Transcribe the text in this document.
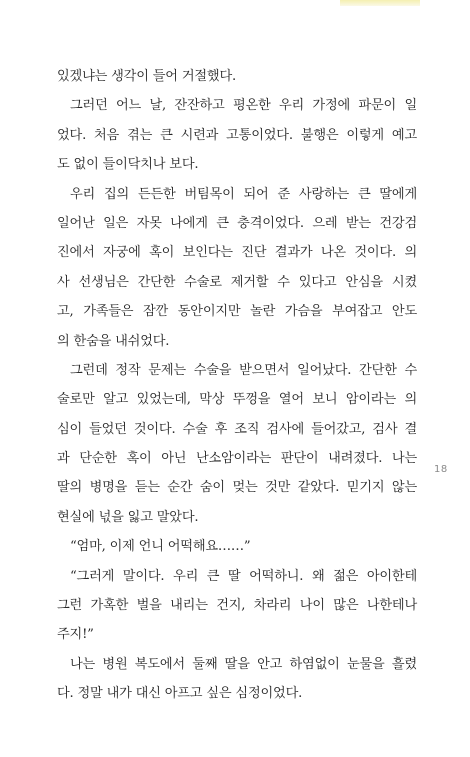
있겠냐는 생각이 들어 거절했다.
그러던 어느 날, 잔잔하고 평온한 우리 가정에 파문이 일
었다. 처음 겪는 큰 시련과 고통이었다. 불행은 이렇게 예고
도 없이 들이닥치나 보다.
우리 집의 든든한 버팀목이 되어 준 사랑하는 큰 딸에게
일어난 일은 자못 나에게 큰 충격이었다. 으레 받는 건강검
진에서 자궁에 혹이 보인다는 진단 결과가 나온 것이다. 의
사 선생님은 간단한 수술로 제거할 수 있다고 안심을 시켰
고, 가족들은 잠깐 동안이지만 놀란 가슴을 부여잡고 안도
의 한숨을 내쉬었다.
그런데 정작 문제는 수술을 받으면서 일어났다. 간단한 수
술로만 알고 있었는데, 막상 뚜껑을 열어 보니 암이라는 의
심이 들었던 것이다. 수술 후 조직 검사에 들어갔고, 검사 결
과 단순한 혹이 아닌 난소암이라는 판단이 내려졌다. 나는
딸의 병명을 듣는 순간 숨이 멎는 것만 같았다. 믿기지 않는
현실에 넋을 잃고 말았다.
“엄마, 이제 언니 어떡해요……”
“그러게 말이다. 우리 큰 딸 어떡하니. 왜 젊은 아이한테
그런 가혹한 벌을 내리는 건지, 차라리 나이 많은 나한테나
주지!”
나는 병원 복도에서 둘째 딸을 안고 하염없이 눈물을 흘렸
다. 정말 내가 대신 아프고 싶은 심정이었다.
18
